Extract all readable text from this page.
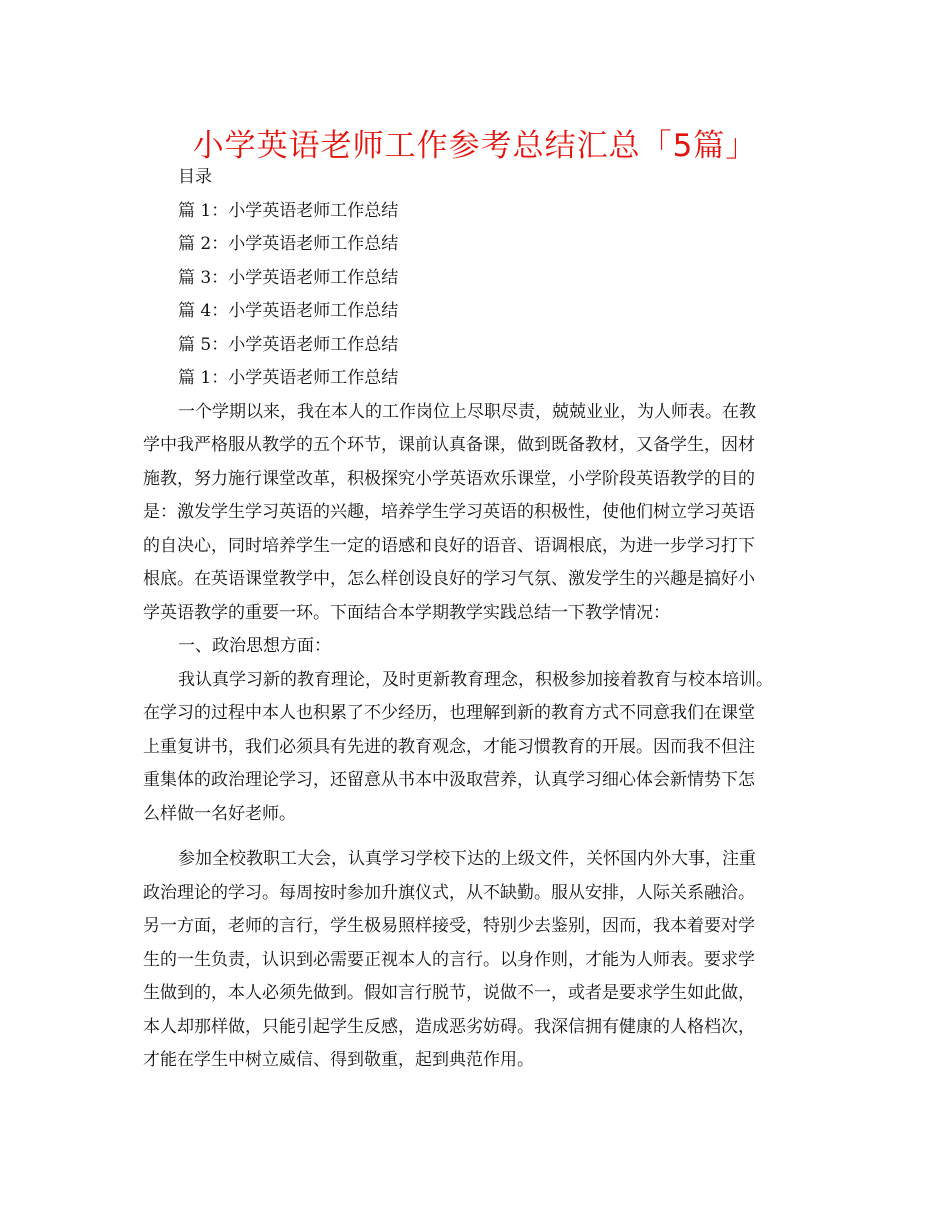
小学英语老师工作参考总结汇总「5篇」
目录
篇 1：小学英语老师工作总结
篇 2：小学英语老师工作总结
篇 3：小学英语老师工作总结
篇 4：小学英语老师工作总结
篇 5：小学英语老师工作总结
篇 1：小学英语老师工作总结
一个学期以来，我在本人的工作岗位上尽职尽责，兢兢业业，为人师表。在教
学中我严格服从教学的五个环节，课前认真备课，做到既备教材，又备学生，因材
施教，努力施行课堂改革，积极探究小学英语欢乐课堂，小学阶段英语教学的目的
是：激发学生学习英语的兴趣，培养学生学习英语的积极性，使他们树立学习英语
的自决心，同时培养学生一定的语感和良好的语音、语调根底，为进一步学习打下
根底。在英语课堂教学中，怎么样创设良好的学习气氛、激发学生的兴趣是搞好小
学英语教学的重要一环。下面结合本学期教学实践总结一下教学情况：
一、政治思想方面：
我认真学习新的教育理论，及时更新教育理念，积极参加接着教育与校本培训。
在学习的过程中本人也积累了不少经历，也理解到新的教育方式不同意我们在课堂
上重复讲书，我们必须具有先进的教育观念，才能习惯教育的开展。因而我不但注
重集体的政治理论学习，还留意从书本中汲取营养，认真学习细心体会新情势下怎
么样做一名好老师。
参加全校教职工大会，认真学习学校下达的上级文件，关怀国内外大事，注重
政治理论的学习。每周按时参加升旗仪式，从不缺勤。服从安排，人际关系融洽。
另一方面，老师的言行，学生极易照样接受，特别少去鉴别，因而，我本着要对学
生的一生负责，认识到必需要正视本人的言行。以身作则，才能为人师表。要求学
生做到的，本人必须先做到。假如言行脱节，说做不一，或者是要求学生如此做，
本人却那样做，只能引起学生反感，造成恶劣妨碍。我深信拥有健康的人格档次，
才能在学生中树立威信、得到敬重，起到典范作用。
